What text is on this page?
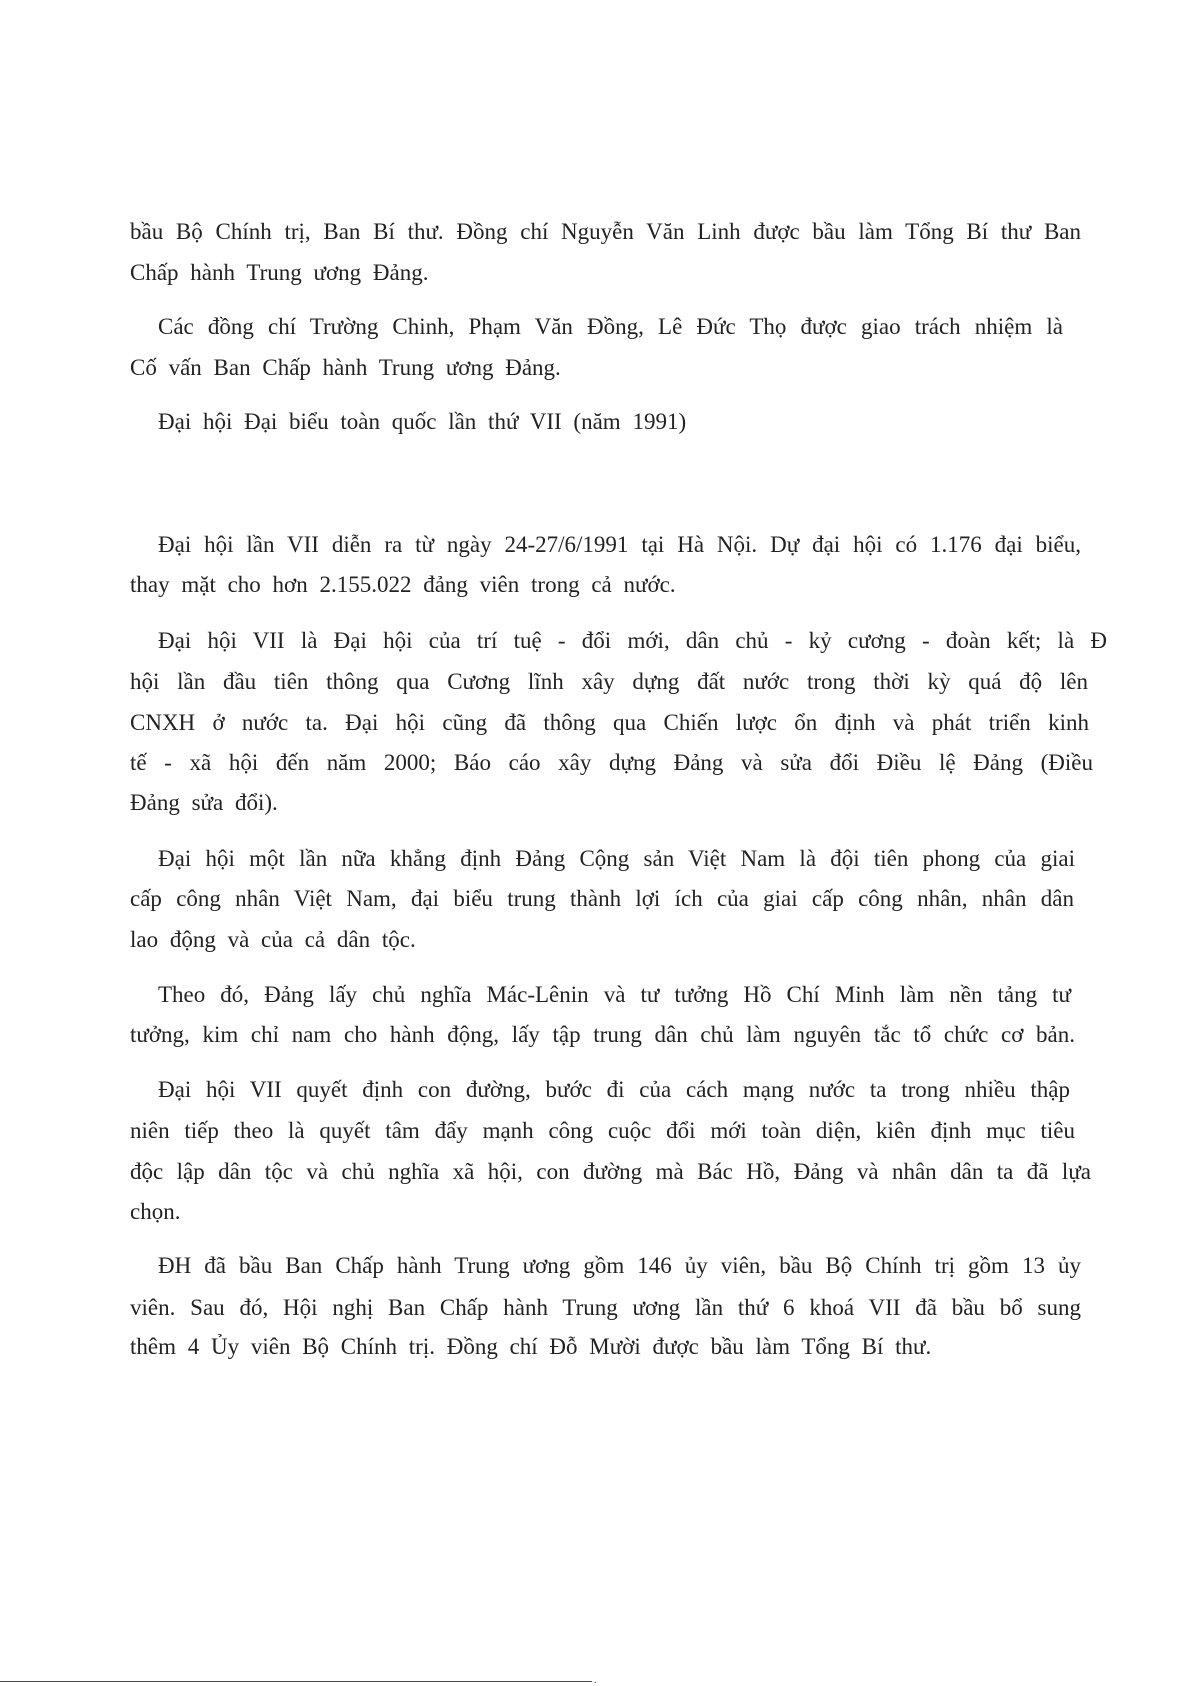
bầu Bộ Chính trị, Ban Bí thư. Đồng chí Nguyễn Văn Linh được bầu làm Tổng Bí thư Ban
Chấp hành Trung ương Đảng.
Các đồng chí Trường Chinh, Phạm Văn Đồng, Lê Đức Thọ được giao trách nhiệm là
Cố vấn Ban Chấp hành Trung ương Đảng.
Đại hội Đại biểu toàn quốc lần thứ VII (năm 1991)
Đại hội lần VII diễn ra từ ngày 24-27/6/1991 tại Hà Nội. Dự đại hội có 1.176 đại biểu,
thay mặt cho hơn 2.155.022 đảng viên trong cả nước.
Đại hội VII là Đại hội của trí tuệ - đổi mới, dân chủ - kỷ cương - đoàn kết; là Đ
hội lần đầu tiên thông qua Cương lĩnh xây dựng đất nước trong thời kỳ quá độ lên
CNXH ở nước ta. Đại hội cũng đã thông qua Chiến lược ổn định và phát triển kinh
tế - xã hội đến năm 2000; Báo cáo xây dựng Đảng và sửa đổi Điều lệ Đảng (Điều
Đảng sửa đổi).
Đại hội một lần nữa khẳng định Đảng Cộng sản Việt Nam là đội tiên phong của giai
cấp công nhân Việt Nam, đại biểu trung thành lợi ích của giai cấp công nhân, nhân dân
lao động và của cả dân tộc.
Theo đó, Đảng lấy chủ nghĩa Mác-Lênin và tư tưởng Hồ Chí Minh làm nền tảng tư
tưởng, kim chỉ nam cho hành động, lấy tập trung dân chủ làm nguyên tắc tổ chức cơ bản.
Đại hội VII quyết định con đường, bước đi của cách mạng nước ta trong nhiều thập
niên tiếp theo là quyết tâm đẩy mạnh công cuộc đổi mới toàn diện, kiên định mục tiêu
độc lập dân tộc và chủ nghĩa xã hội, con đường mà Bác Hồ, Đảng và nhân dân ta đã lựa
chọn.
ĐH đã bầu Ban Chấp hành Trung ương gồm 146 ủy viên, bầu Bộ Chính trị gồm 13 ủy
viên. Sau đó, Hội nghị Ban Chấp hành Trung ương lần thứ 6 khoá VII đã bầu bổ sung
thêm 4 Ủy viên Bộ Chính trị. Đồng chí Đỗ Mười được bầu làm Tổng Bí thư.
.
